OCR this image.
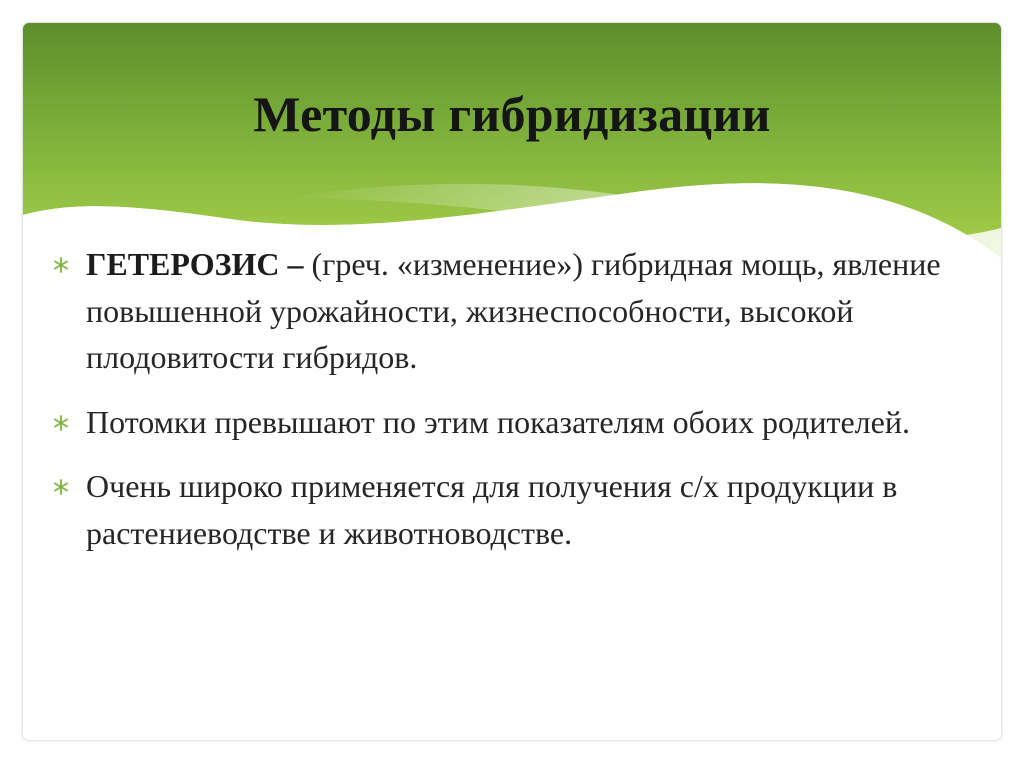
Методы гибридизации
ГЕТЕРОЗИС – (греч. «изменение») гибридная мощь, явление повышенной урожайности, жизнеспособности, высокой плодовитости гибридов.
Потомки превышают по этим показателям обоих родителей.
Очень широко применяется для получения с/х продукции в растениеводстве и животноводстве.
